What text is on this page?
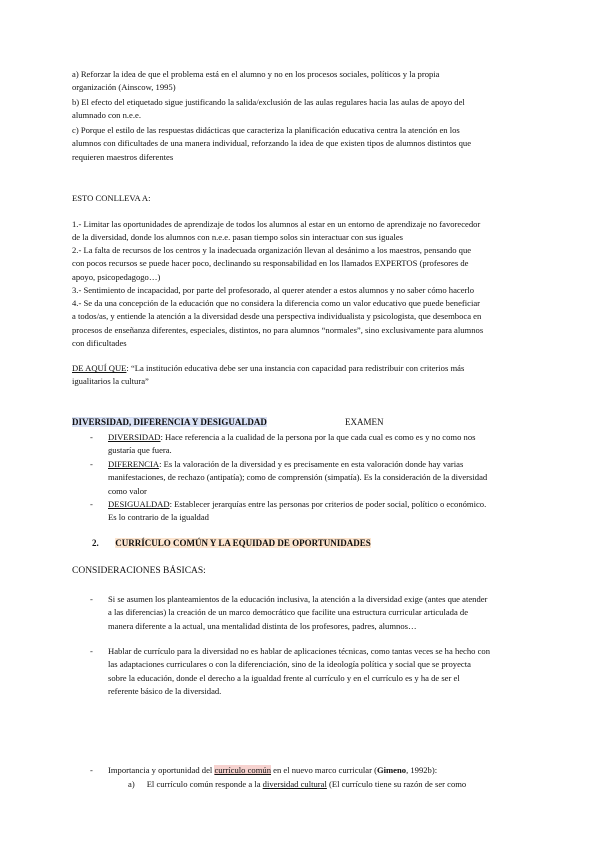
a) Reforzar la idea de que el problema está en el alumno y no en los procesos sociales, políticos y la propia
organización (Ainscow, 1995)
b) El efecto del etiquetado sigue justificando la salida/exclusión de las aulas regulares hacia las aulas de apoyo del
alumnado con n.e.e.
c) Porque el estilo de las respuestas didácticas que caracteriza la planificación educativa centra la atención en los
alumnos con dificultades de una manera individual, reforzando la idea de que existen tipos de alumnos distintos que
requieren maestros diferentes
ESTO CONLLEVA A:
1.- Limitar las oportunidades de aprendizaje de todos los alumnos al estar en un entorno de aprendizaje no favorecedor
de la diversidad, donde los alumnos con n.e.e. pasan tiempo solos sin interactuar con sus iguales
2.- La falta de recursos de los centros y la inadecuada organización llevan al desánimo a los maestros, pensando que
con pocos recursos se puede hacer poco, declinando su responsabilidad en los llamados EXPERTOS (profesores de
apoyo, psicopedagogo…)
3.- Sentimiento de incapacidad, por parte del profesorado, al querer atender a estos alumnos y no saber cómo hacerlo
4.- Se da una concepción de la educación que no considera la diferencia como un valor educativo que puede beneficiar
a todos/as, y entiende la atención a la diversidad desde una perspectiva individualista y psicologista, que desemboca en
procesos de enseñanza diferentes, especiales, distintos, no para alumnos “normales”, sino exclusivamente para alumnos
con dificultades
DE AQUÍ QUE: “La institución educativa debe ser una instancia con capacidad para redistribuir con criterios más
igualitarios la cultura”
DIVERSIDAD, DIFERENCIA Y DESIGUALDAD	EXAMEN
- DIVERSIDAD: Hace referencia a la cualidad de la persona por la que cada cual es como es y no como nos
gustaría que fuera.
- DIFERENCIA: Es la valoración de la diversidad y es precisamente en esta valoración donde hay varias
manifestaciones, de rechazo (antipatía); como de comprensión (simpatía). Es la consideración de la diversidad
como valor
- DESIGUALDAD: Establecer jerarquías entre las personas por criterios de poder social, político o económico.
Es lo contrario de la igualdad
2. CURRÍCULO COMÚN Y LA EQUIDAD DE OPORTUNIDADES
CONSIDERACIONES BÁSICAS:
- Si se asumen los planteamientos de la educación inclusiva, la atención a la diversidad exige (antes que atender
a las diferencias) la creación de un marco democrático que facilite una estructura curricular articulada de
manera diferente a la actual, una mentalidad distinta de los profesores, padres, alumnos…
- Hablar de currículo para la diversidad no es hablar de aplicaciones técnicas, como tantas veces se ha hecho con
las adaptaciones curriculares o con la diferenciación, sino de la ideología política y social que se proyecta
sobre la educación, donde el derecho a la igualdad frente al currículo y en el currículo es y ha de ser el
referente básico de la diversidad.
- Importancia y oportunidad del currículo común en el nuevo marco curricular (Gimeno, 1992b):
a) El currículo común responde a la diversidad cultural (El currículo tiene su razón de ser como
